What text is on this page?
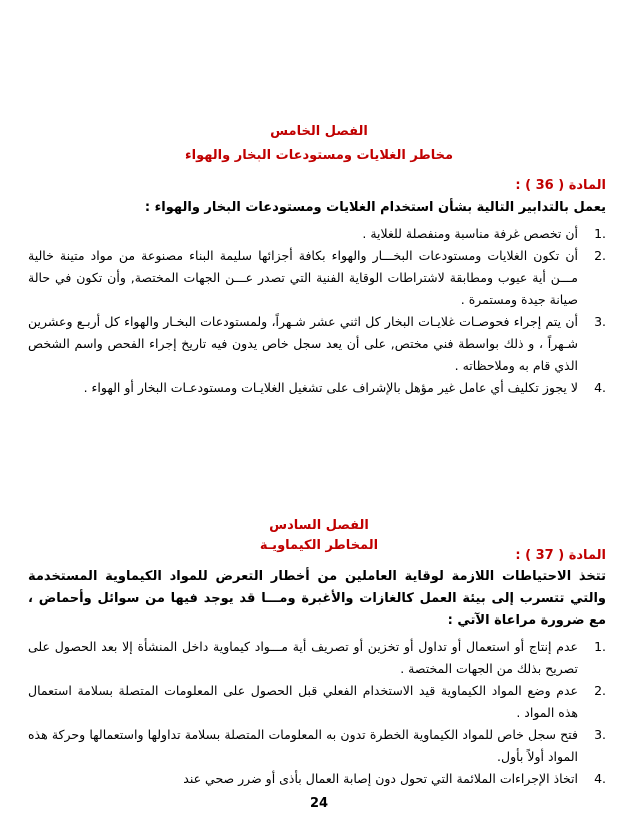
الفصل الخامس

مخاطر الغلايات ومستودعات البخار والهواء

المادة ( 36 ) :

يعمل بالتدابير التالية بشأن استخدام الغلايات ومستودعات البخار والهواء :

.1
أن تخصص غرفة مناسبة ومنفصلة للغلاية .
.2
أن تكون الغلايات ومستودعات البخـــار والهواء بكافة أجزائها سليمة البناء مصنوعة من مواد متينة خالية مـــن أية عيوب ومطابقة لاشتراطات الوقاية الفنية التي تصدر عـــن الجهات المختصة, وأن تكون في حالة صيانة جيدة ومستمرة .
.3
أن يتم إجراء فحوصـات غلايـات البخار كل اثني عشر شـهراً، ولمستودعات البخـار والهواء كل أربـع وعشرين شـهراً ، و ذلك بواسطة فني مختص, على أن يعد سجل خاص يدون فيه تاريخ إجراء الفحص واسم الشخص الذي قام به وملاحظاته .
.4
لا يجوز تكليف أي عامل غير مؤهل بالإشراف على تشغيل الغلايـات ومستودعـات البخار أو الهواء .

الفصل السادس

المخاطر الكيماويـة

المادة ( 37 ) :

تتخذ الاحتياطات اللازمة لوقاية العاملين من أخطار التعرض للمواد الكيماوية المستخدمة والتي تتسرب إلى بيئة العمل كالغازات والأغبرة ومـــا قد يوجد فيها من سوائل وأحماض ، مع ضرورة مراعاة الآتي :

.1
عدم إنتاج أو استعمال أو تداول أو تخزين أو تصريف أية مـــواد كيماوية داخل المنشأة إلا بعد الحصول على تصريح بذلك من الجهات المختصة .
.2
عدم وضع المواد الكيماوية قيد الاستخدام الفعلي قبل الحصول على المعلومات المتصلة بسلامة استعمال هذه المواد .
.3
فتح سجل خاص للمواد الكيماوية الخطرة تدون به المعلومات المتصلة بسلامة تداولها واستعمالها وحركة هذه المواد أولاً بأول.
.4
اتخاذ الإجراءات الملائمة التي تحول دون إصابة العمال بأذى أو ضرر صحي عند

24
